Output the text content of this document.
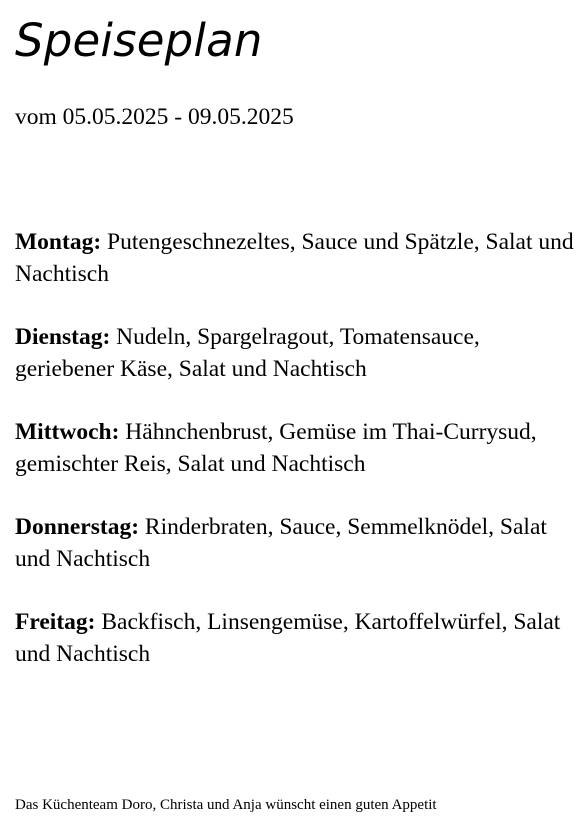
Speiseplan

vom 05.05.2025 - 09.05.2025

Montag: Putengeschnezeltes, Sauce und Spätzle, Salat und Nachtisch
Dienstag: Nudeln, Spargelragout, Tomatensauce, geriebener Käse, Salat und Nachtisch
Mittwoch: Hähnchenbrust, Gemüse im Thai-Currysud, gemischter Reis, Salat und Nachtisch
Donnerstag: Rinderbraten, Sauce, Semmelknödel, Salat und Nachtisch
Freitag: Backfisch, Linsengemüse, Kartoffelwürfel, Salat und Nachtisch

Das Küchenteam Doro, Christa und Anja wünscht einen guten Appetit
